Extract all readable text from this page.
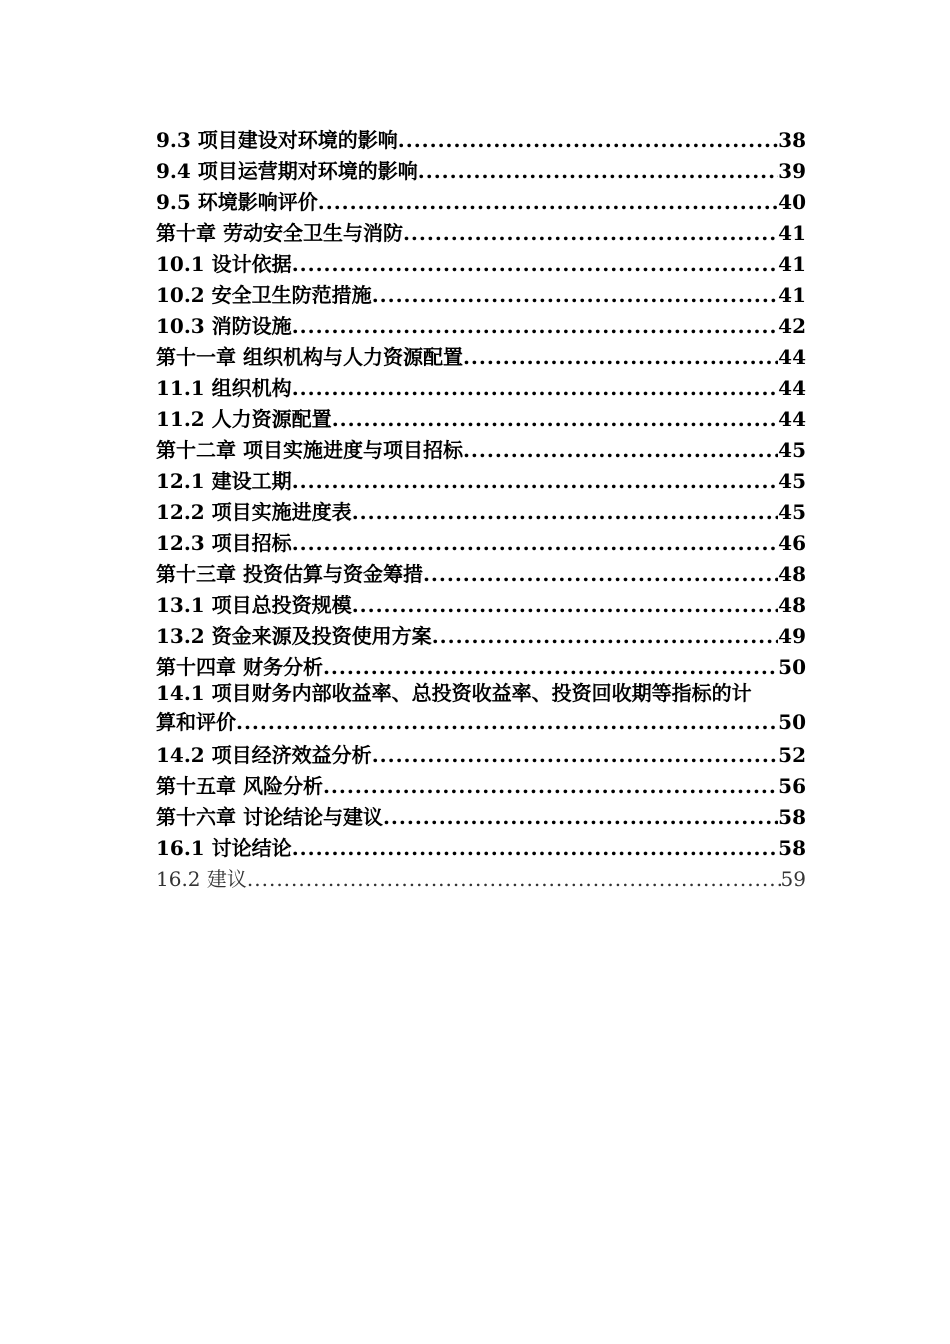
9.3 项目建设对环境的影响 .....	38
9.4 项目运营期对环境的影响 .....	39
9.5 环境影响评价 .....	40
第十章 劳动安全卫生与消防 .....	41
10.1 设计依据 .....	41
10.2 安全卫生防范措施 .....	41
10.3 消防设施 .....	42
第十一章 组织机构与人力资源配置 .....	44
11.1 组织机构 .....	44
11.2 人力资源配置 .....	44
第十二章 项目实施进度与项目招标 .....	45
12.1 建设工期 .....	45
12.2 项目实施进度表 .....	45
12.3 项目招标 .....	46
第十三章 投资估算与资金筹措 .....	48
13.1 项目总投资规模 .....	48
13.2 资金来源及投资使用方案 .....	49
第十四章 财务分析 .....	50
14.1 项目财务内部收益率、总投资收益率、投资回收期等指标的计
算和评价 .....	50
14.2 项目经济效益分析 .....	52
第十五章 风险分析 .....	56
第十六章 讨论结论与建议 .....	58
16.1 讨论结论 .....	58
16.2 建议 .....	59
